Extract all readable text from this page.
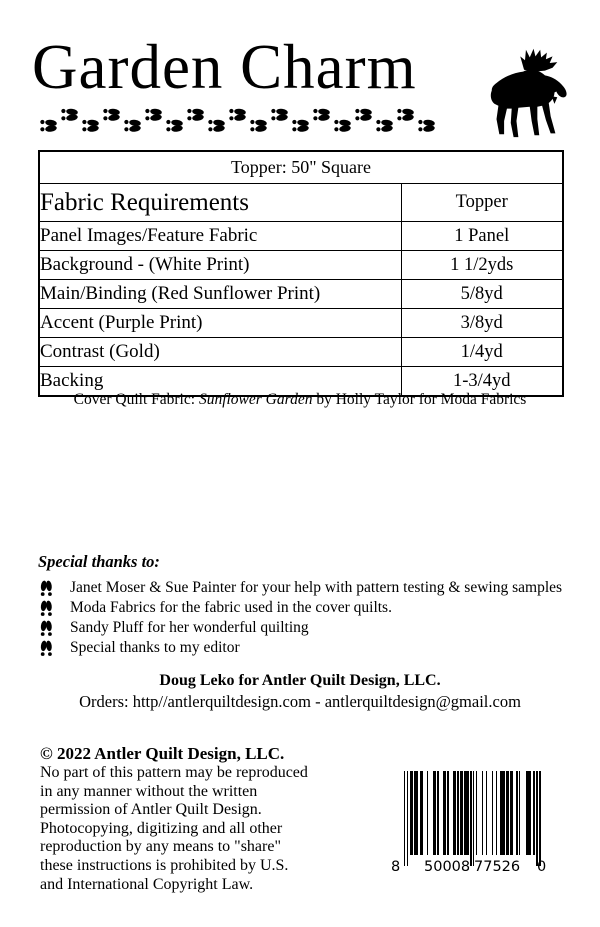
Garden Charm
Topper: 50" Square	
Fabric Requirements	Topper
Panel Images/Feature Fabric	1 Panel
Background - (White Print)	1 1/2yds
Main/Binding (Red Sunflower Print)	5/8yd
Accent (Purple Print)	3/8yd
Contrast (Gold)	1/4yd
Backing	1-3/4yd
Cover Quilt Fabric: Sunflower Garden by Holly Taylor for Moda Fabrics
Special thanks to:
Janet Moser & Sue Painter for your help with pattern testing & sewing samples
Moda Fabrics for the fabric used in the cover quilts.
Sandy Pluff for her wonderful quilting
Special thanks to my editor
Doug Leko for Antler Quilt Design, LLC.
Orders: http//antlerquiltdesign.com - antlerquiltdesign@gmail.com
© 2022 Antler Quilt Design, LLC.
No part of this pattern may be reproduced
in any manner without the written
permission of Antler Quilt Design.
Photocopying, digitizing and all other
reproduction by any means to "share"
these instructions is prohibited by U.S.
and International Copyright Law.
8 50008 77526 0
